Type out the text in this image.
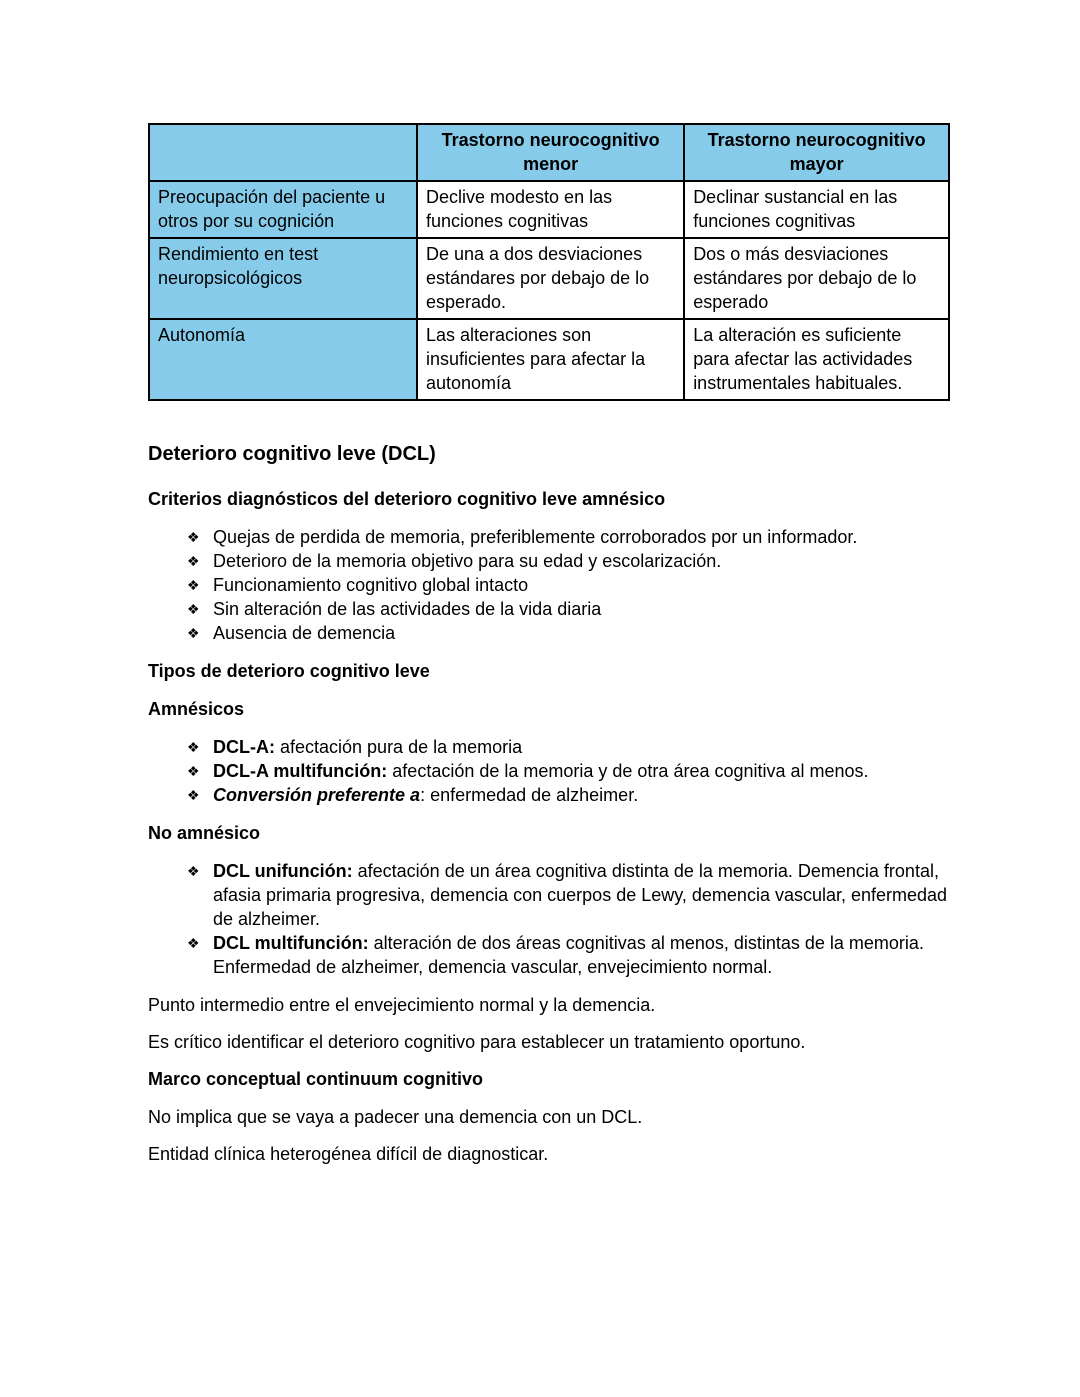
	Trastorno neurocognitivo menor	Trastorno neurocognitivo mayor
Preocupación del paciente u otros por su cognición	Declive modesto en las funciones cognitivas	Declinar sustancial en las funciones cognitivas
Rendimiento en test neuropsicológicos	De una a dos desviaciones estándares por debajo de lo esperado.	Dos o más desviaciones estándares por debajo de lo esperado
Autonomía	Las alteraciones son insuficientes para afectar la autonomía	La alteración es suficiente para afectar las actividades instrumentales habituales.
Deterioro cognitivo leve (DCL)
Criterios diagnósticos del deterioro cognitivo leve amnésico
❖ Quejas de perdida de memoria, preferiblemente corroborados por un informador.
❖ Deterioro de la memoria objetivo para su edad y escolarización.
❖ Funcionamiento cognitivo global intacto
❖ Sin alteración de las actividades de la vida diaria
❖ Ausencia de demencia
Tipos de deterioro cognitivo leve
Amnésicos
❖ DCL-A: afectación pura de la memoria
❖ DCL-A multifunción: afectación de la memoria y de otra área cognitiva al menos.
❖ Conversión preferente a: enfermedad de alzheimer.
No amnésico
❖ DCL unifunción: afectación de un área cognitiva distinta de la memoria. Demencia frontal, afasia primaria progresiva, demencia con cuerpos de Lewy, demencia vascular, enfermedad de alzheimer.
❖ DCL multifunción: alteración de dos áreas cognitivas al menos, distintas de la memoria. Enfermedad de alzheimer, demencia vascular, envejecimiento normal.

Punto intermedio entre el envejecimiento normal y la demencia.

Es crítico identificar el deterioro cognitivo para establecer un tratamiento oportuno.

Marco conceptual continuum cognitivo

No implica que se vaya a padecer una demencia con un DCL.

Entidad clínica heterogénea difícil de diagnosticar.
